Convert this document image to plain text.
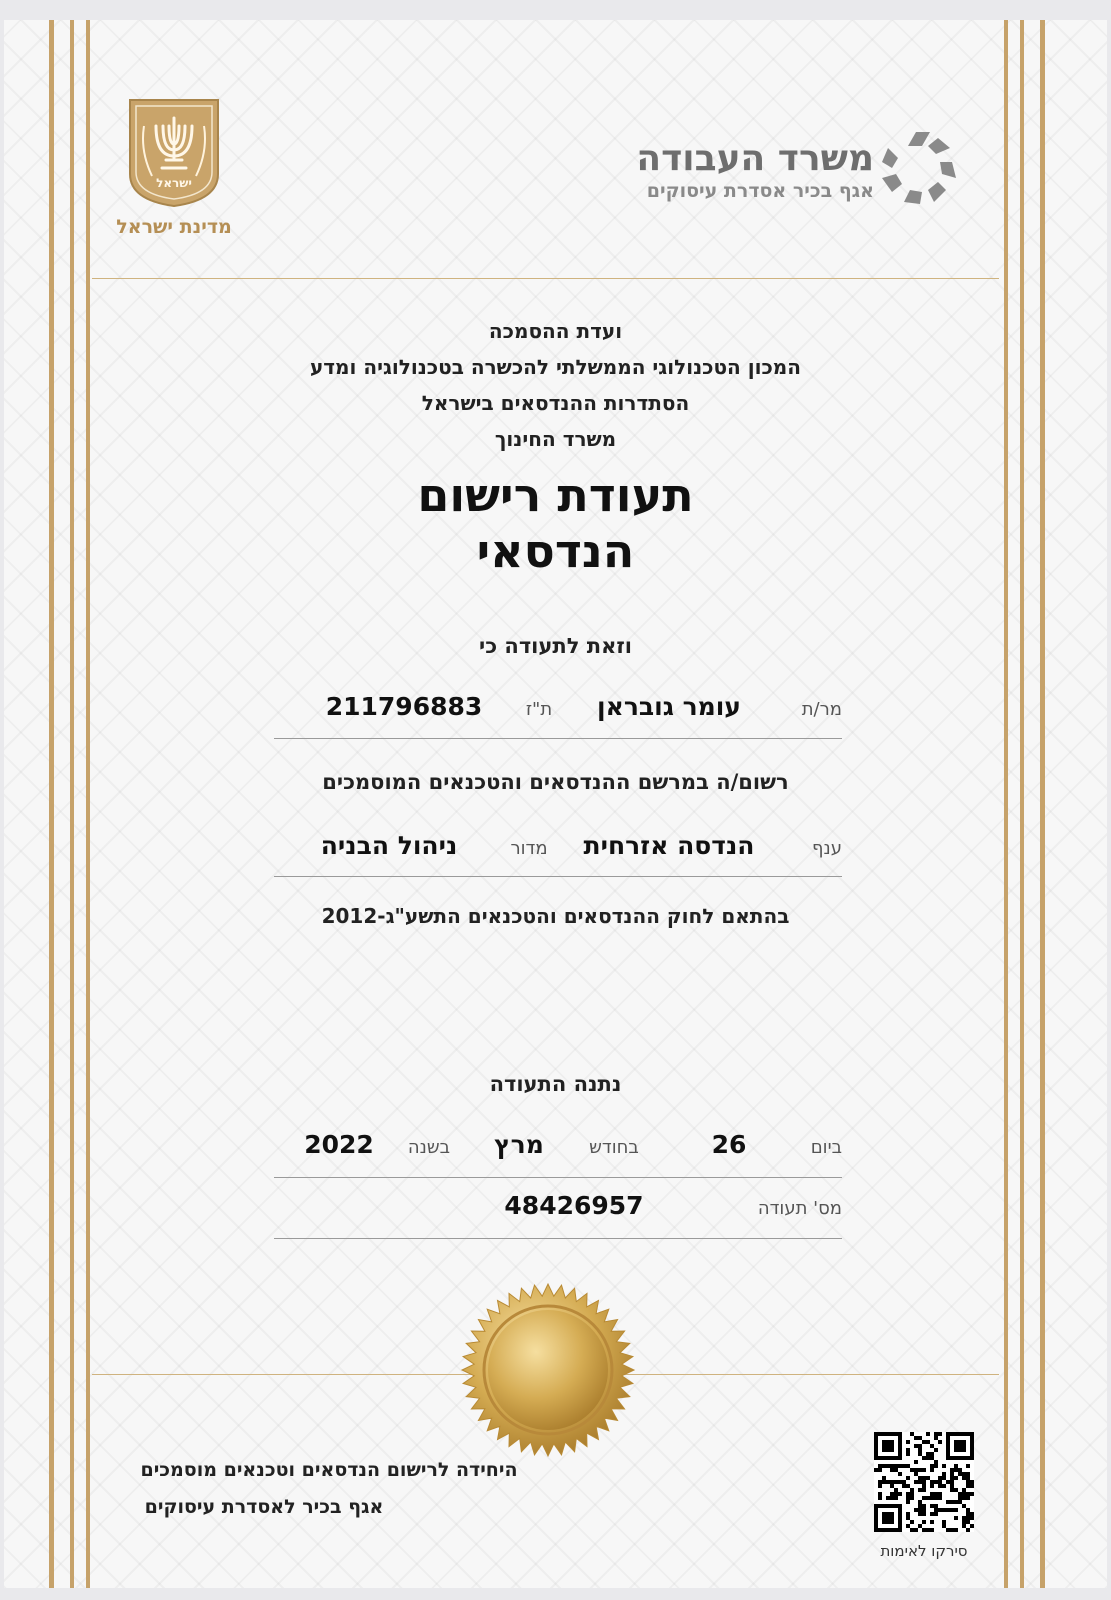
ישראל
מדינת ישראל
משרד העבודה
אגף בכיר אסדרת עיסוקים
ועדת ההסמכה
המכון הטכנולוגי הממשלתי להכשרה בטכנולוגיה ומדע
הסתדרות ההנדסאים בישראל
משרד החינוך
תעודת רישום
הנדסאי
וזאת לתעודה כי
מר/ת
עומר גובראן
ת"ז
211796883
רשום/ה במרשם ההנדסאים והטכנאים המוסמכים
ענף
הנדסה אזרחית
מדור
ניהול הבניה
בהתאם לחוק ההנדסאים והטכנאים התשע"ג-2012
נתנה התעודה
ביום
26
בחודש
מרץ
בשנה
2022
מס' תעודה
48426957
היחידה לרישום הנדסאים וטכנאים מוסמכים
אגף בכיר לאסדרת עיסוקים
סירקו לאימות
